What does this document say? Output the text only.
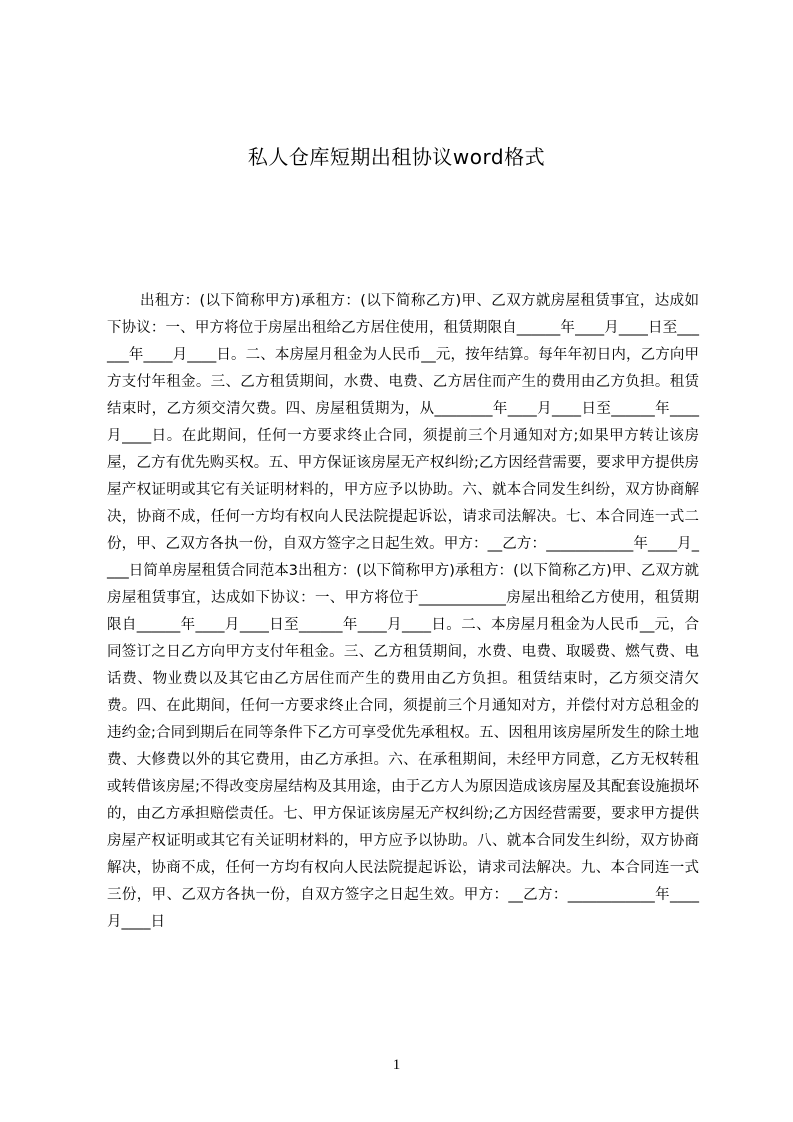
私人仓库短期出租协议word格式

出租方：(以下简称甲方)承租方：(以下简称乙方)甲、乙双方就房屋租赁事宜，达成如下协议：一、甲方将位于房屋出租给乙方居住使用，租赁期限自______年____月____日至______年____月____日。二、本房屋月租金为人民币__元，按年结算。每年年初日内，乙方向甲方支付年租金。三、乙方租赁期间，水费、电费、乙方居住而产生的费用由乙方负担。租赁结束时，乙方须交清欠费。四、房屋租赁期为，从________年____月____日至______年____月____日。在此期间，任何一方要求终止合同，须提前三个月通知对方;如果甲方转让该房屋，乙方有优先购买权。五、甲方保证该房屋无产权纠纷;乙方因经营需要，要求甲方提供房屋产权证明或其它有关证明材料的，甲方应予以协助。六、就本合同发生纠纷，双方协商解决，协商不成，任何一方均有权向人民法院提起诉讼，请求司法解决。七、本合同连一式二份，甲、乙双方各执一份，自双方签字之日起生效。甲方：__乙方：____________年____月____日简单房屋租赁合同范本3出租方：(以下简称甲方)承租方：(以下简称乙方)甲、乙双方就房屋租赁事宜，达成如下协议：一、甲方将位于____________房屋出租给乙方使用，租赁期限自______年____月____日至______年____月____日。二、本房屋月租金为人民币__元，合同签订之日乙方向甲方支付年租金。三、乙方租赁期间，水费、电费、取暖费、燃气费、电话费、物业费以及其它由乙方居住而产生的费用由乙方负担。租赁结束时，乙方须交清欠费。四、在此期间，任何一方要求终止合同，须提前三个月通知对方，并偿付对方总租金的违约金;合同到期后在同等条件下乙方可享受优先承租权。五、因租用该房屋所发生的除土地费、大修费以外的其它费用，由乙方承担。六、在承租期间，未经甲方同意，乙方无权转租或转借该房屋;不得改变房屋结构及其用途，由于乙方人为原因造成该房屋及其配套设施损坏的，由乙方承担赔偿责任。七、甲方保证该房屋无产权纠纷;乙方因经营需要，要求甲方提供房屋产权证明或其它有关证明材料的，甲方应予以协助。八、就本合同发生纠纷，双方协商解决，协商不成，任何一方均有权向人民法院提起诉讼，请求司法解决。九、本合同连一式三份，甲、乙双方各执一份，自双方签字之日起生效。甲方：__乙方：____________年____月____日

1
